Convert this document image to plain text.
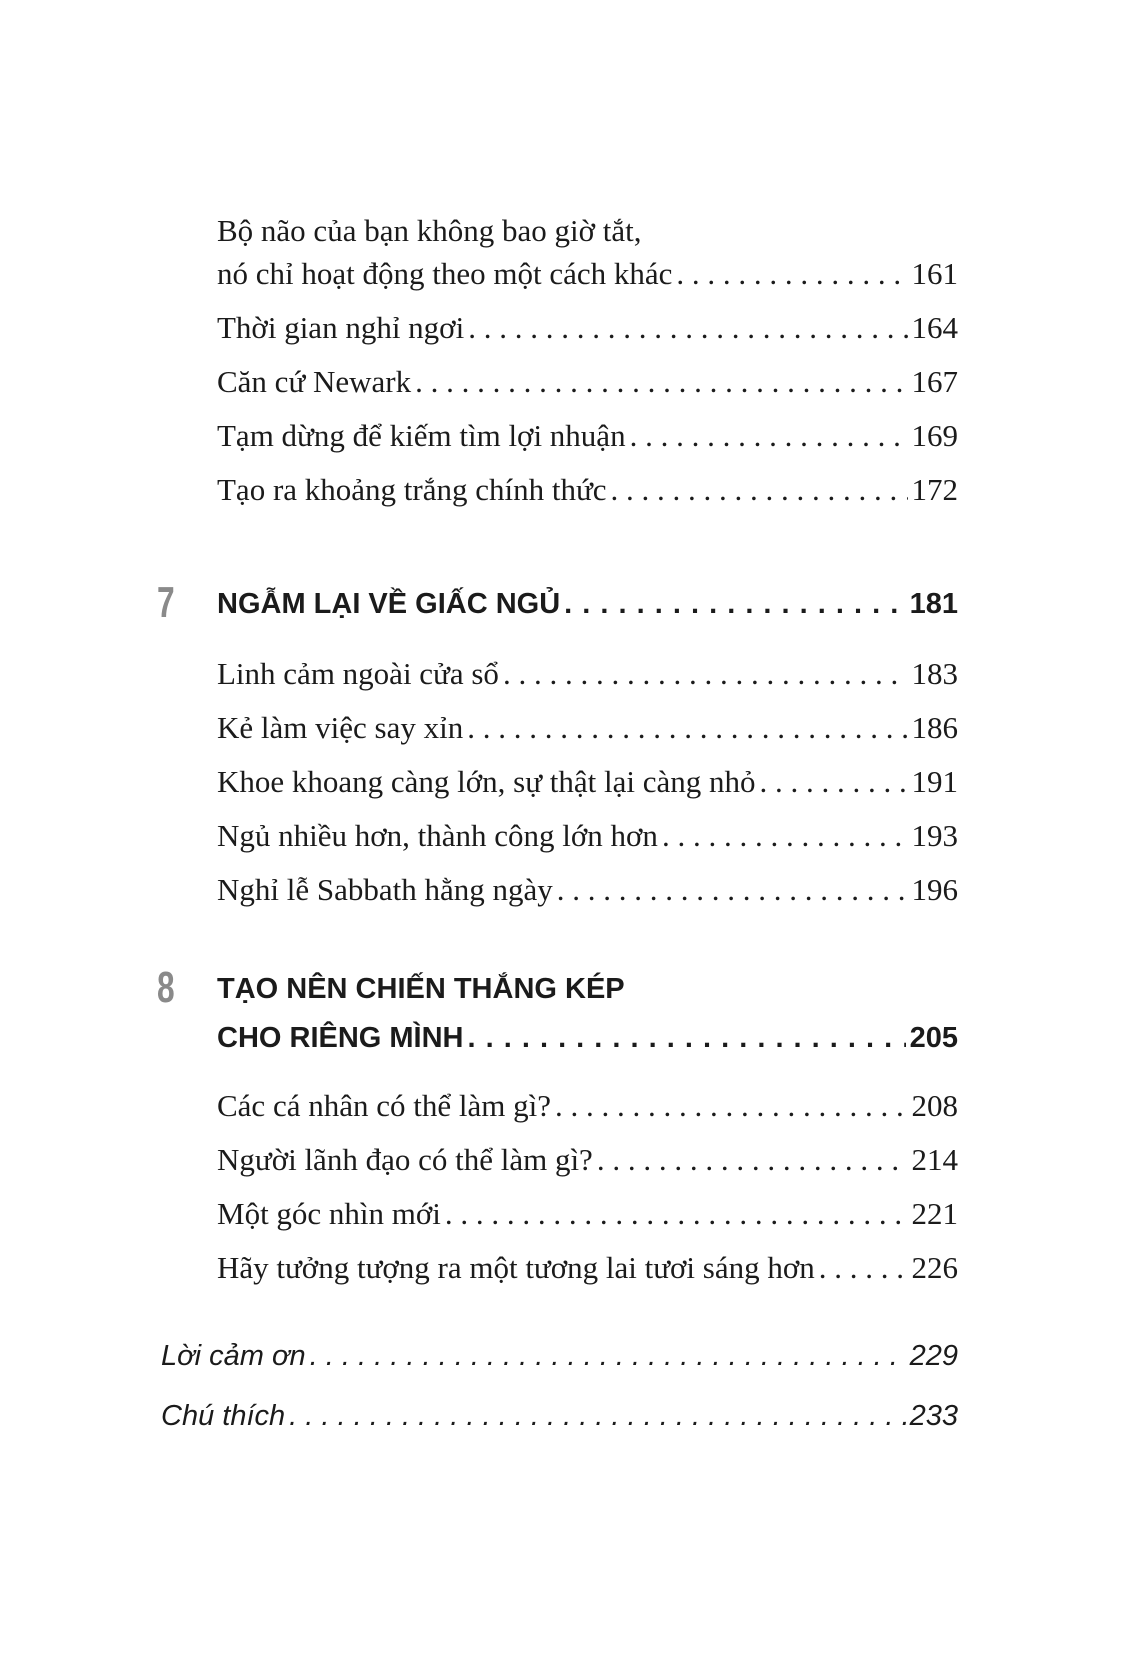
Bộ não của bạn không bao giờ tắt,
nó chỉ hoạt động theo một cách khác . . .	161
Thời gian nghỉ ngơi . . .	164
Căn cứ Newark . . .	167
Tạm dừng để kiếm tìm lợi nhuận . . .	169
Tạo ra khoảng trắng chính thức . . .	172
7 NGẪM LẠI VỀ GIẤC NGỦ . . .	181
Linh cảm ngoài cửa sổ . . .	183
Kẻ làm việc say xỉn . . .	186
Khoe khoang càng lớn, sự thật lại càng nhỏ . . .	191
Ngủ nhiều hơn, thành công lớn hơn . . .	193
Nghỉ lễ Sabbath hằng ngày . . .	196
8 TẠO NÊN CHIẾN THẮNG KÉP
CHO RIÊNG MÌNH . . .	205
Các cá nhân có thể làm gì? . . .	208
Người lãnh đạo có thể làm gì? . . .	214
Một góc nhìn mới . . .	221
Hãy tưởng tượng ra một tương lai tươi sáng hơn . . .	226
Lời cảm ơn . . .	229
Chú thích . . .	233
